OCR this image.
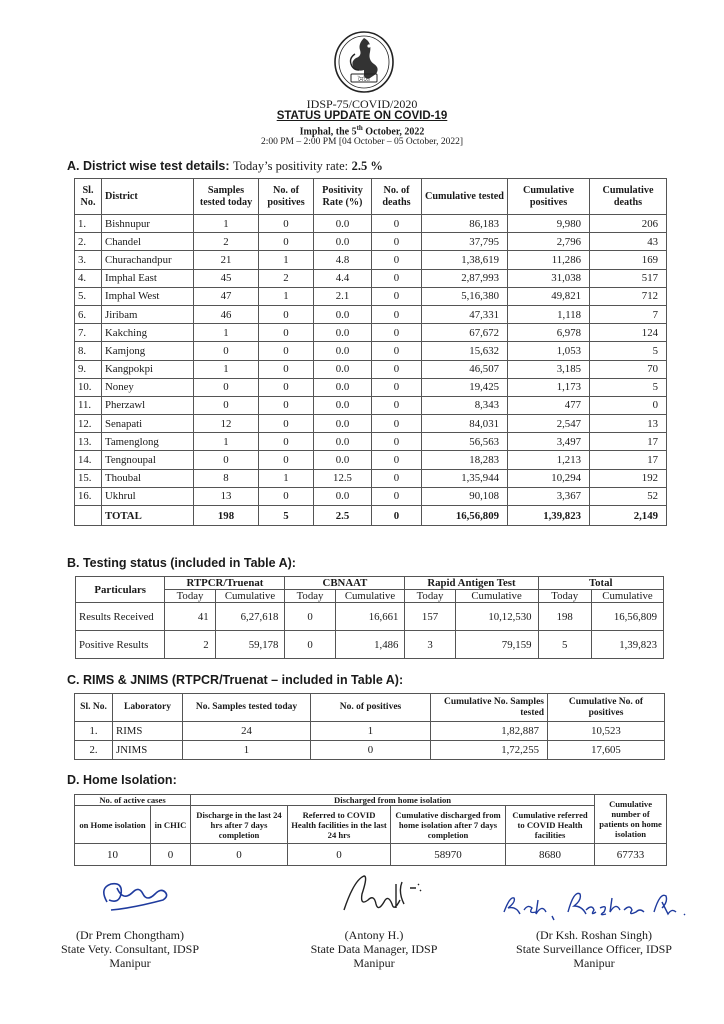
মৈতৈ
IDSP-75/COVID/2020
STATUS UPDATE ON COVID-19
Imphal, the 5th October, 2022
2:00 PM – 2:00 PM [04 October – 05 October, 2022]
A. District wise test details: Today’s positivity rate: 2.5 %
Sl. No.	District	Samples tested today	No. of positives	Positivity Rate (%)	No. of deaths	Cumulative tested	Cumulative positives	Cumulative deaths
1.	Bishnupur	1	0	0.0	0	86,183	9,980	206
2.	Chandel	2	0	0.0	0	37,795	2,796	43
3.	Churachandpur	21	1	4.8	0	1,38,619	11,286	169
4.	Imphal East	45	2	4.4	0	2,87,993	31,038	517
5.	Imphal West	47	1	2.1	0	5,16,380	49,821	712
6.	Jiribam	46	0	0.0	0	47,331	1,118	7
7.	Kakching	1	0	0.0	0	67,672	6,978	124
8.	Kamjong	0	0	0.0	0	15,632	1,053	5
9.	Kangpokpi	1	0	0.0	0	46,507	3,185	70
10.	Noney	0	0	0.0	0	19,425	1,173	5
11.	Pherzawl	0	0	0.0	0	8,343	477	0
12.	Senapati	12	0	0.0	0	84,031	2,547	13
13.	Tamenglong	1	0	0.0	0	56,563	3,497	17
14.	Tengnoupal	0	0	0.0	0	18,283	1,213	17
15.	Thoubal	8	1	12.5	0	1,35,944	10,294	192
16.	Ukhrul	13	0	0.0	0	90,108	3,367	52
	TOTAL	198	5	2.5	0	16,56,809	1,39,823	2,149
B. Testing status (included in Table A):
Particulars	RTPCR/Truenat		CBNAAT		Rapid Antigen Test		Total	
	Today	Cumulative	Today	Cumulative	Today	Cumulative	Today	Cumulative
Results Received	41	6,27,618	0	16,661	157	10,12,530	198	16,56,809
Positive Results	2	59,178	0	1,486	3	79,159	5	1,39,823
C. RIMS & JNIMS (RTPCR/Truenat – included in Table A):
Sl. No.	Laboratory	No. Samples tested today	No. of positives	Cumulative No. Samples tested	Cumulative No. of positives
1.	RIMS	24	1	1,82,887	10,523
2.	JNIMS	1	0	1,72,255	17,605
D. Home Isolation:
No. of active cases		Discharged from home isolation				Cumulative number of patients on home isolation
on Home isolation	in CHIC	Discharge in the last 24 hrs after 7 days completion	Referred to COVID Health facilities in the last 24 hrs	Cumulative discharged from home isolation after 7 days completion	Cumulative referred to COVID Health facilities	
10	0	0	0	58970	8680	67733
(Dr Prem Chongtham)
State Vety. Consultant, IDSP
Manipur
(Antony H.)
State Data Manager, IDSP
Manipur
(Dr Ksh. Roshan Singh)
State Surveillance Officer, IDSP
Manipur
